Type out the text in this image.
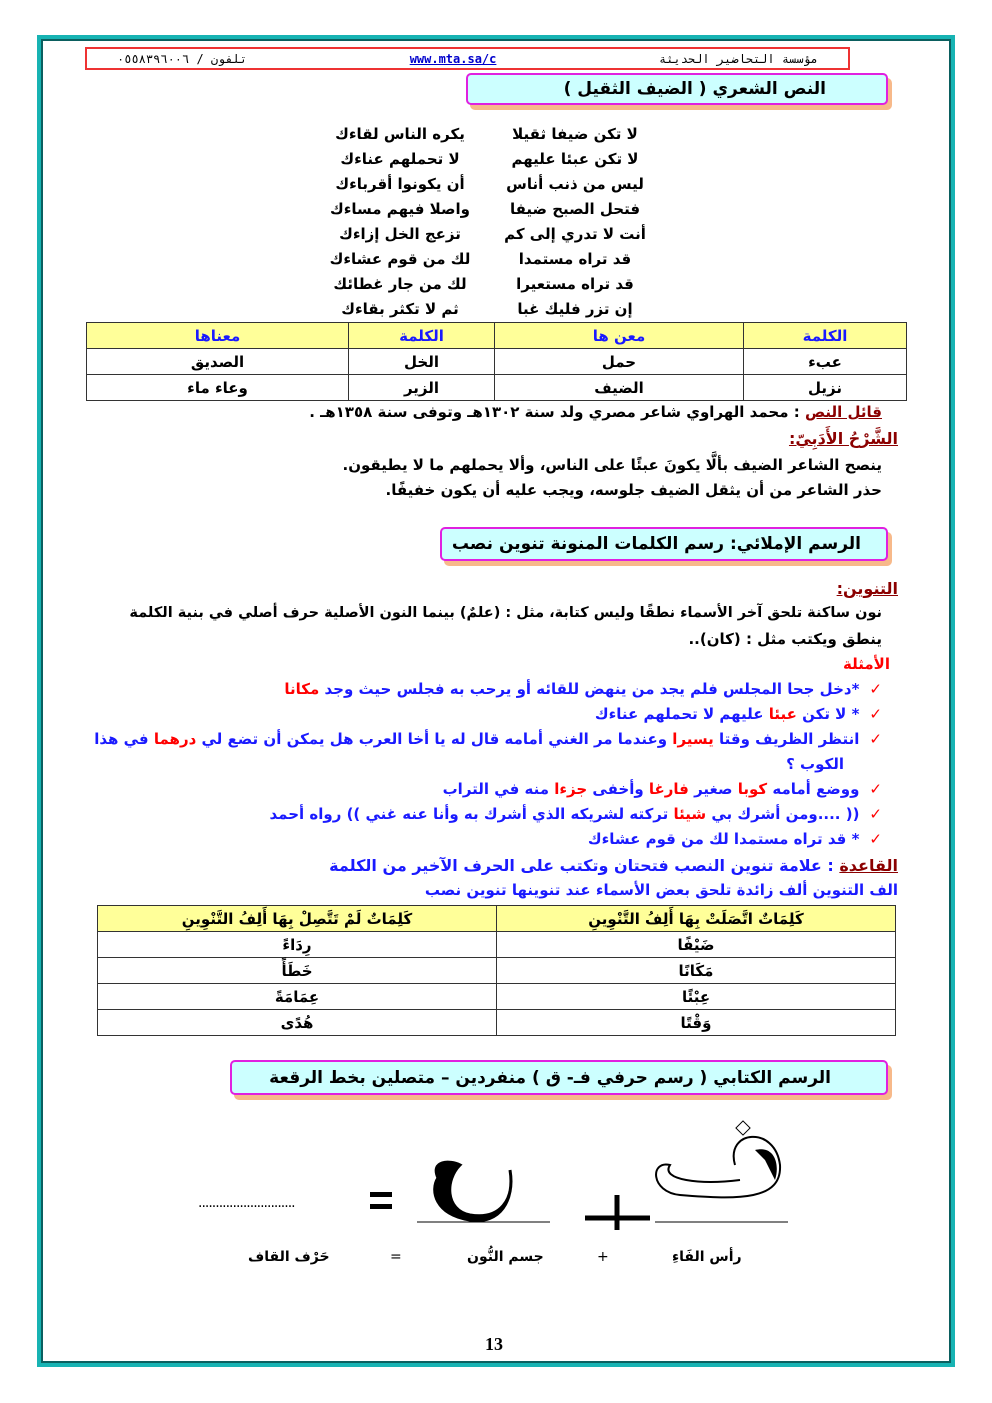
تلفون / ٠٥٥٨٣٩٦٠٠٦	www.mta.sa/c	مؤسسة التحاضير الحديثة
النص الشعري ( الضيف الثقيل )
لا تكن ضيفا ثقيلا
لا تكن عبئا عليهم
ليس من ذنب أناس
فتحل الصبح ضيفا
أنت لا تدري إلى كم
قد تراه مستمدا
قد تراه مستعيرا
إن تزر فليك غبا
يكره الناس لقاءك
لا تحملهم عناءك
أن يكونوا أقرباءك
واصلا فيهم مساءك
تزعج الخل إزاءك
لك من قوم عشاءك
لك من جار غطائك
ثم لا تكثر بقاءك
الكلمة	معن ها	الكلمة	معناها
عبء	حمل	الخل	الصديق
نزيل	الضيف	الزير	وعاء ماء
قائل النص : محمد الهراوي شاعر مصري ولد سنة ١٣٠٢هـ وتوفى سنة ١٣٥٨هـ .
الشَّرْحُ الأَدَبِيّ:
ينصح الشاعر الضيف بألَّا يكونَ عبئًا على الناس، وألا يحملهم ما لا يطيقون.
حذر الشاعر من أن يثقل الضيف جلوسه، ويجب عليه أن يكون خفيفًا.
الرسم الإملائي: رسم الكلمات المنونة تنوين نصب
التنوين:
نون ساكنة تلحق آخر الأسماء نطقًا وليس كتابة، مثل : (علمٌ) بينما النون الأصلية حرف أصلي في بنية الكلمة
ينطق ويكتب مثل : (كان)..
الأمثلة
✓*دخل جحا المجلس فلم يجد من ينهض للقائه أو يرحب به فجلس حيث وجد مكانا
✓* لا تكن عبئا عليهم لا تحملهم عناءك
✓انتظر الظريف وقتا يسيرا وعندما مر الغني أمامه قال له يا أخا العرب هل يمكن أن تضع لي درهما في هذا
الكوب ؟
✓ووضع أمامه كوبا صغير فارغا وأخفى جزءا منه في التراب
✓(( ....ومن أشرك بي شيئا تركته لشريكه الذي أشرك به وأنا عنه غني )) رواه أحمد
✓* قد تراه مستمدا لك من قوم عشاءك
القاعدة : علامة تنوين النصب فتحتان وتكتب على الحرف الآخير من الكلمة
الف التنوين ألف زائدة تلحق بعض الأسماء عند تنوينها تنوين نصب
كَلِمَاتٌ اتَّصَلَتْ بِهَا أَلِفُ التَّنْوِينِ	كَلِمَاتٌ لَمْ تَتَّصِلْ بِهَا أَلِفُ التَّنْوِينِ
ضَيْفًا	رِدَاءً
مَكَانًا	خَطَأً
عِبْئًا	عِمَامَةً
وَقْتًا	هُدًى
الرسم الكتابي ( رسم حرفي فـ- ق ) منفردين – متصلين بخط الرقعة
............................
رأس الفَاءِ
+
جسم النُّون
=
حَرْف القاف
13
